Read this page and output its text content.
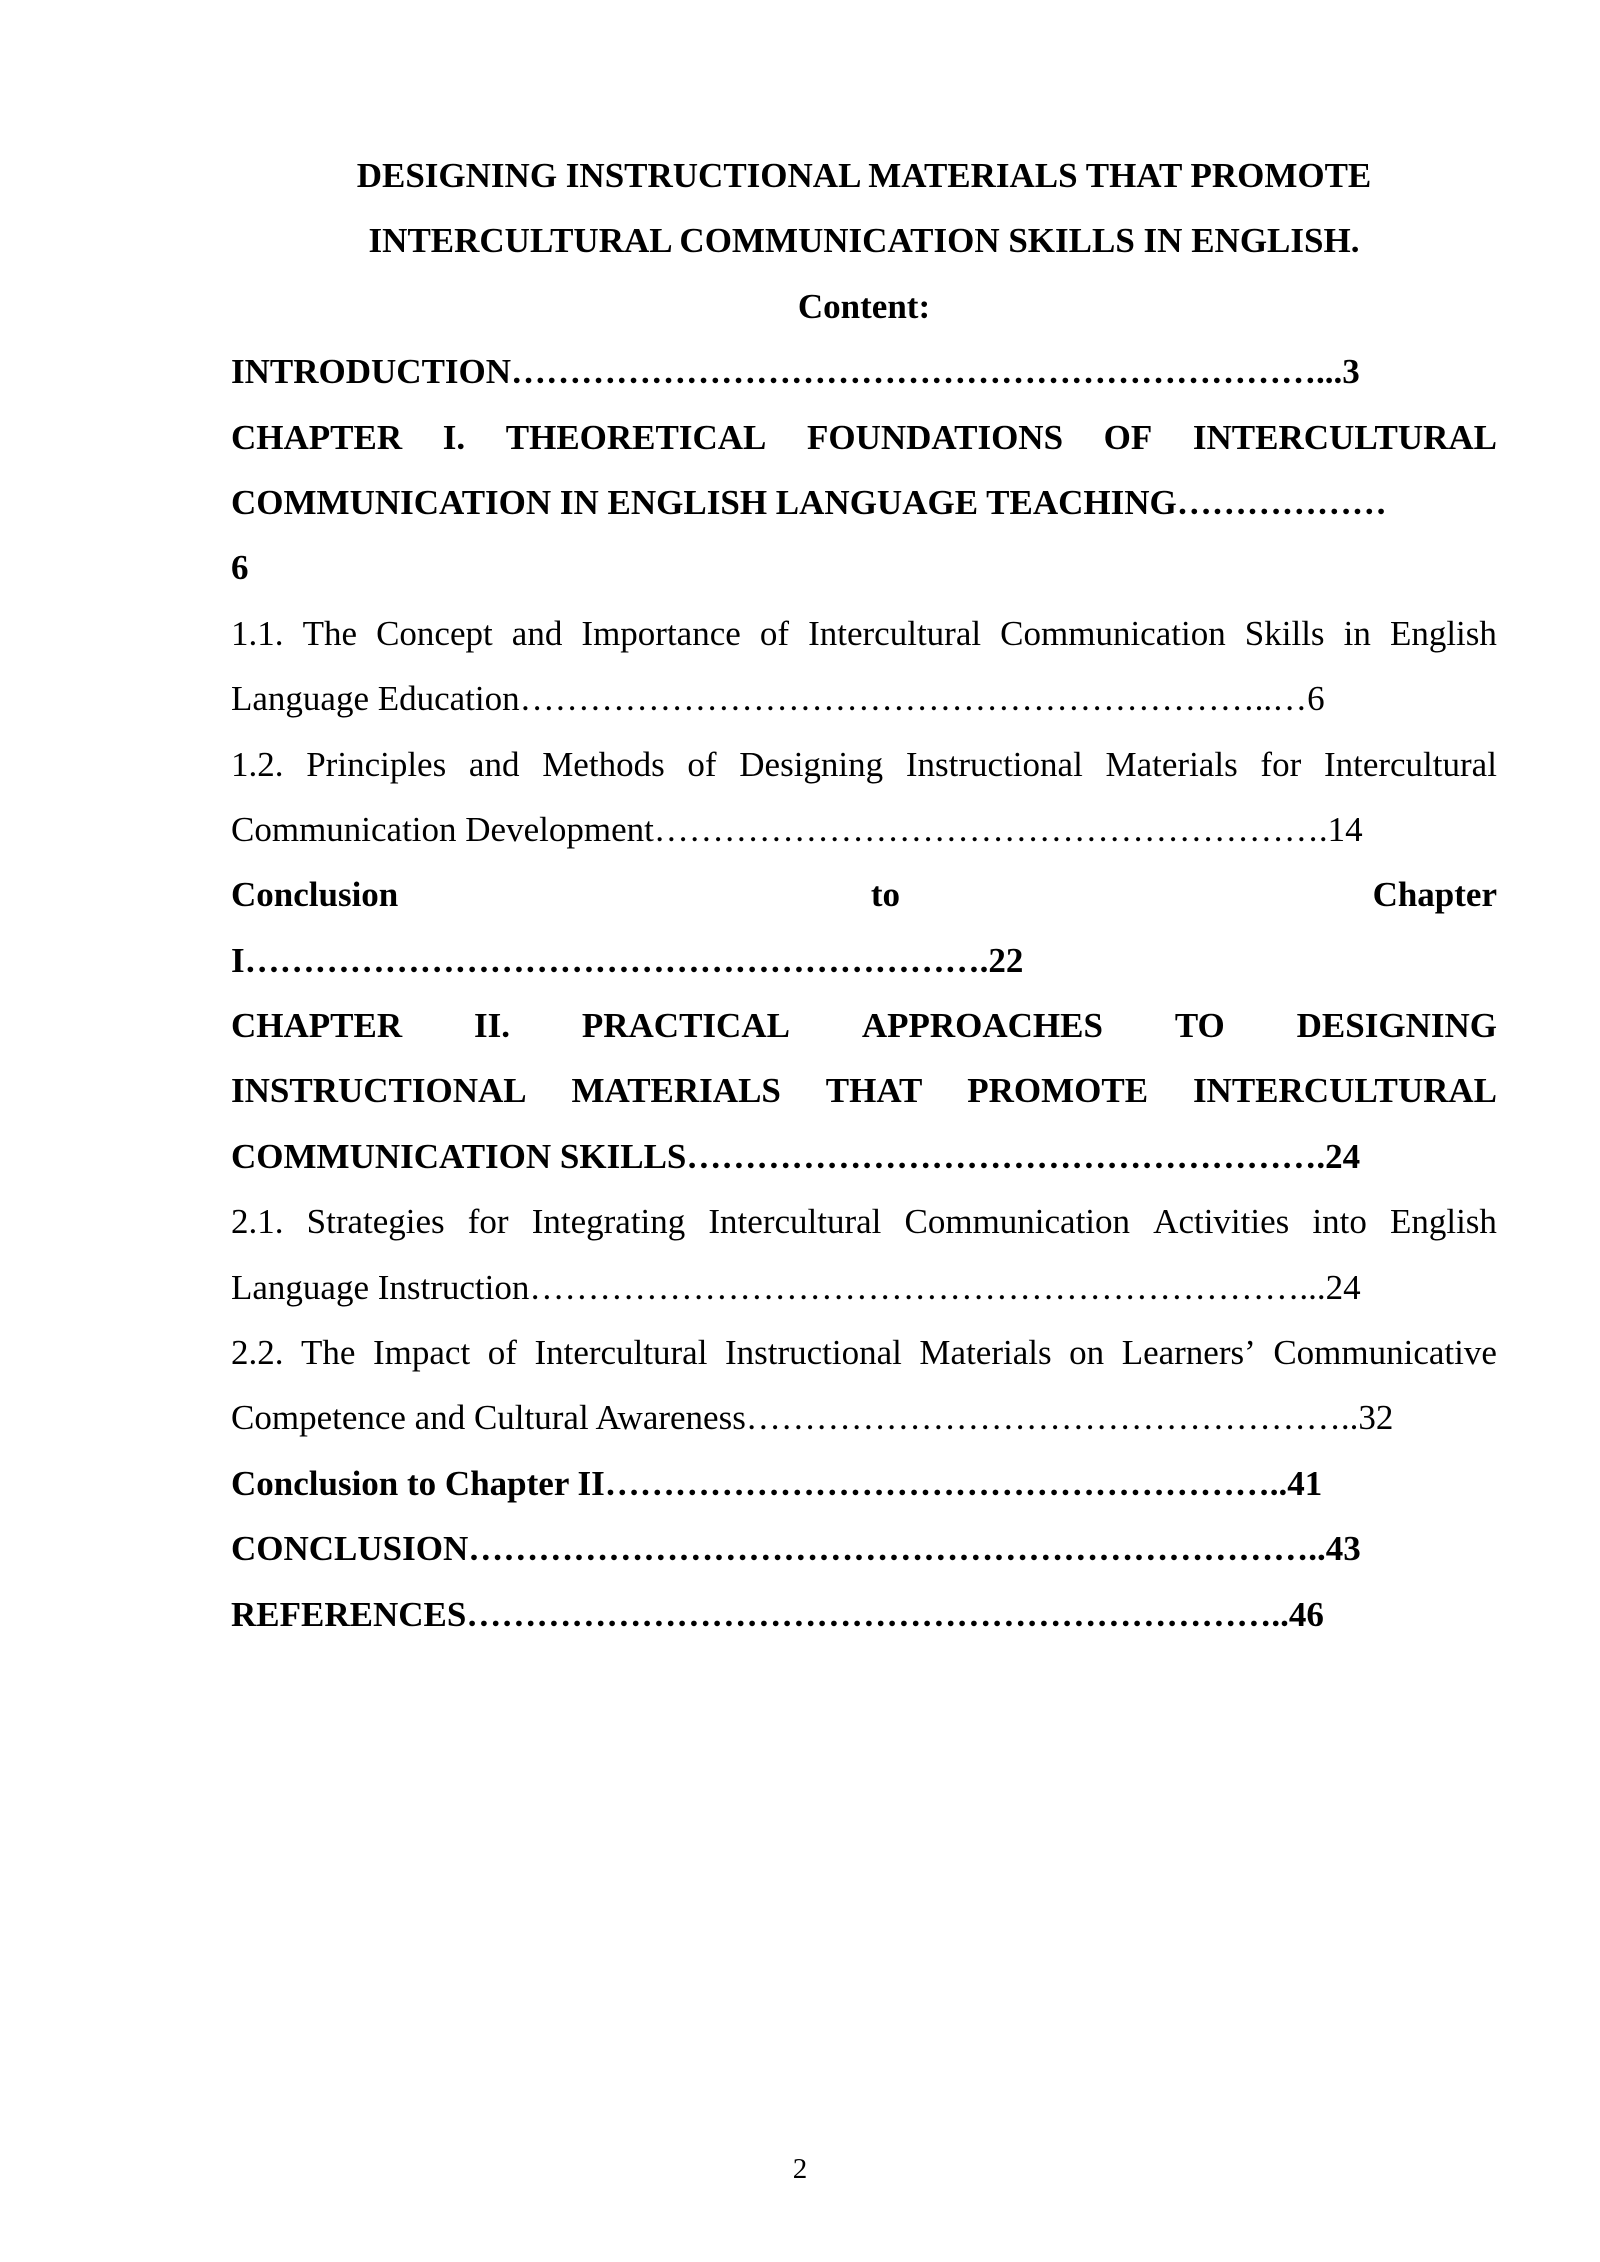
DESIGNING INSTRUCTIONAL MATERIALS THAT PROMOTE
INTERCULTURAL COMMUNICATION SKILLS IN ENGLISH.
Content:
INTRODUCTION……………………………………………………………...3
CHAPTER I. THEORETICAL FOUNDATIONS OF INTERCULTURAL
COMMUNICATION IN ENGLISH LANGUAGE TEACHING………………
6
1.1. The Concept and Importance of Intercultural Communication Skills in English
Language Education………………………………………………………..…6
1.2. Principles and Methods of Designing Instructional Materials for Intercultural
Communication Development………………………………………………….14
Conclusion	to	Chapter
I……………………………………………………….22
CHAPTER II. PRACTICAL APPROACHES TO DESIGNING
INSTRUCTIONAL MATERIALS THAT PROMOTE INTERCULTURAL
COMMUNICATION SKILLS……………………………………………….24
2.1. Strategies for Integrating Intercultural Communication Activities into English
Language Instruction…………………………………………………………...24
2.2. The Impact of Intercultural Instructional Materials on Learners’ Communicative
Competence and Cultural Awareness……………………………………………..32
Conclusion to Chapter II…………………………………………………..41
CONCLUSION………………………………………………………………..43
REFERENCES……………………………………………………………..46
2
